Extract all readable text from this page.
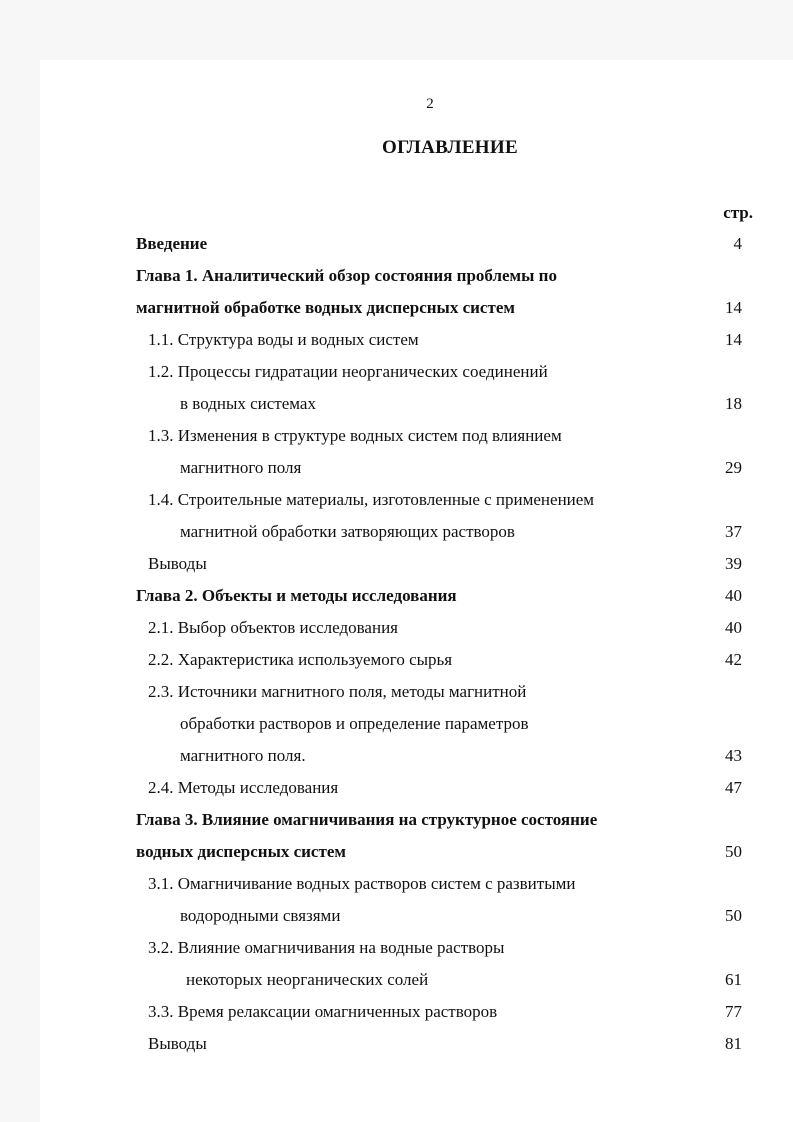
2
ОГЛАВЛЕНИЕ
стр.
Введение	4
Глава 1. Аналитический обзор состояния проблемы по
магнитной обработке водных дисперсных систем	14
1.1. Структура воды и водных систем	14
1.2. Процессы гидратации неорганических соединений
в водных системах	18
1.3. Изменения в структуре водных систем под влиянием
магнитного поля	29
1.4. Строительные материалы, изготовленные с применением
магнитной обработки затворяющих растворов	37
Выводы	39
Глава 2. Объекты и методы исследования	40
2.1. Выбор объектов исследования	40
2.2. Характеристика используемого сырья	42
2.3. Источники магнитного поля, методы магнитной
обработки растворов и определение параметров
магнитного поля.	43
2.4. Методы исследования	47
Глава 3. Влияние омагничивания на структурное состояние
водных дисперсных систем	50
3.1. Омагничивание водных растворов систем с развитыми
водородными связями	50
3.2. Влияние омагничивания на водные растворы
некоторых неорганических солей	61
3.3. Время релаксации омагниченных растворов	77
Выводы	81
